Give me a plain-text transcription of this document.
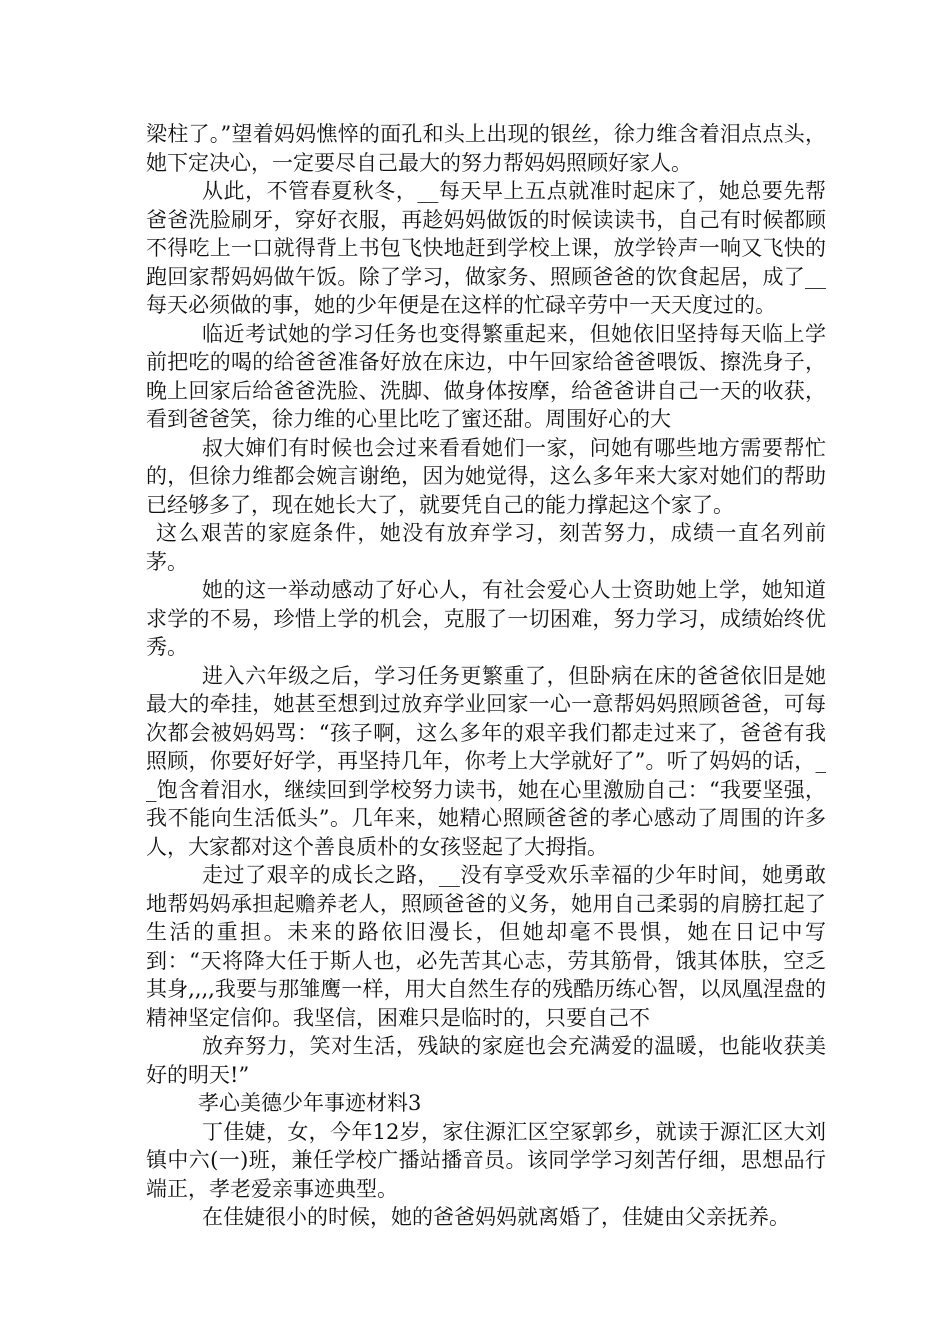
梁柱了。”望着妈妈憔悴的面孔和头上出现的银丝，徐力维含着泪点点头，她下定决心，一定要尽自己最大的努力帮妈妈照顾好家人。

从此，不管春夏秋冬，__每天早上五点就准时起床了，她总要先帮爸爸洗脸刷牙，穿好衣服，再趁妈妈做饭的时候读读书，自己有时候都顾不得吃上一口就得背上书包飞快地赶到学校上课，放学铃声一响又飞快的跑回家帮妈妈做午饭。除了学习，做家务、照顾爸爸的饮食起居，成了__每天必须做的事，她的少年便是在这样的忙碌辛劳中一天天度过的。

临近考试她的学习任务也变得繁重起来，但她依旧坚持每天临上学前把吃的喝的给爸爸准备好放在床边，中午回家给爸爸喂饭、擦洗身子，晚上回家后给爸爸洗脸、洗脚、做身体按摩，给爸爸讲自己一天的收获，看到爸爸笑，徐力维的心里比吃了蜜还甜。周围好心的大

叔大婶们有时候也会过来看看她们一家，问她有哪些地方需要帮忙的，但徐力维都会婉言谢绝，因为她觉得，这么多年来大家对她们的帮助已经够多了，现在她长大了，就要凭自己的能力撑起这个家了。

这么艰苦的家庭条件，她没有放弃学习，刻苦努力，成绩一直名列前茅。

她的这一举动感动了好心人，有社会爱心人士资助她上学，她知道求学的不易，珍惜上学的机会，克服了一切困难，努力学习，成绩始终优秀。

进入六年级之后，学习任务更繁重了，但卧病在床的爸爸依旧是她最大的牵挂，她甚至想到过放弃学业回家一心一意帮妈妈照顾爸爸，可每次都会被妈妈骂：“孩子啊，这么多年的艰辛我们都走过来了，爸爸有我照顾，你要好好学，再坚持几年，你考上大学就好了”。听了妈妈的话，__饱含着泪水，继续回到学校努力读书，她在心里激励自己：“我要坚强，我不能向生活低头”。几年来，她精心照顾爸爸的孝心感动了周围的许多人，大家都对这个善良质朴的女孩竖起了大拇指。

走过了艰辛的成长之路，__没有享受欢乐幸福的少年时间，她勇敢地帮妈妈承担起赡养老人，照顾爸爸的义务，她用自己柔弱的肩膀扛起了生活的重担。未来的路依旧漫长，但她却毫不畏惧，她在日记中写到：“天将降大任于斯人也，必先苦其心志，劳其筋骨，饿其体肤，空乏其身,,,,我要与那雏鹰一样，用大自然生存的残酷历练心智，以凤凰涅盘的精神坚定信仰。我坚信，困难只是临时的，只要自己不

放弃努力，笑对生活，残缺的家庭也会充满爱的温暖，也能收获美好的明天!”

孝心美德少年事迹材料3

丁佳婕，女，今年12岁，家住源汇区空冢郭乡，就读于源汇区大刘镇中六(一)班，兼任学校广播站播音员。该同学学习刻苦仔细，思想品行端正，孝老爱亲事迹典型。

在佳婕很小的时候，她的爸爸妈妈就离婚了，佳婕由父亲抚养。
